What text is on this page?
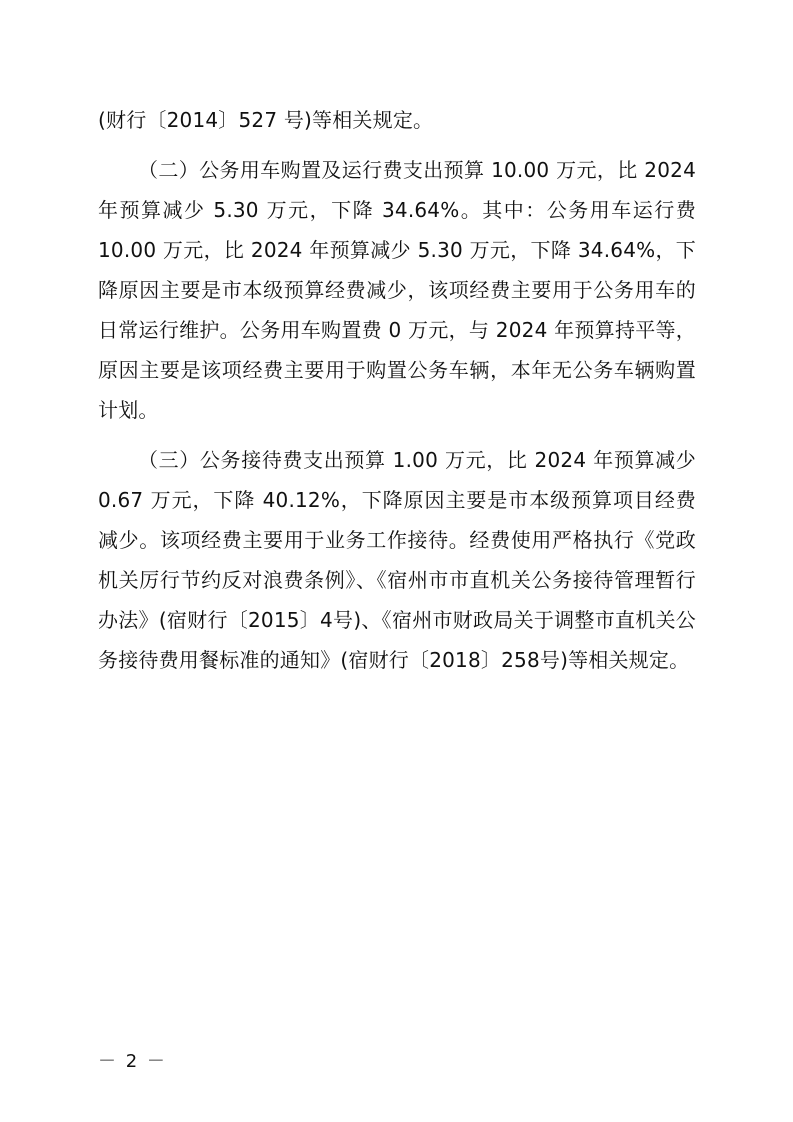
(财行〔2014〕527 号)等相关规定。

（二）公务用车购置及运行费支出预算 10.00 万元，比 2024 年预算减少 5.30 万元，下降 34.64%。其中：公务用车运行费 10.00 万元，比 2024 年预算减少 5.30 万元，下降 34.64%，下降原因主要是市本级预算经费减少，该项经费主要用于公务用车的日常运行维护。公务用车购置费 0 万元，与 2024 年预算持平等，原因主要是该项经费主要用于购置公务车辆，本年无公务车辆购置计划。

（三）公务接待费支出预算 1.00 万元，比 2024 年预算减少 0.67 万元，下降 40.12%，下降原因主要是市本级预算项目经费减少。该项经费主要用于业务工作接待。经费使用严格执行《党政机关厉行节约反对浪费条例》、《宿州市市直机关公务接待管理暂行办法》(宿财行〔2015〕4号)、《宿州市财政局关于调整市直机关公务接待费用餐标准的通知》(宿财行〔2018〕258号)等相关规定。

－ 2 －
